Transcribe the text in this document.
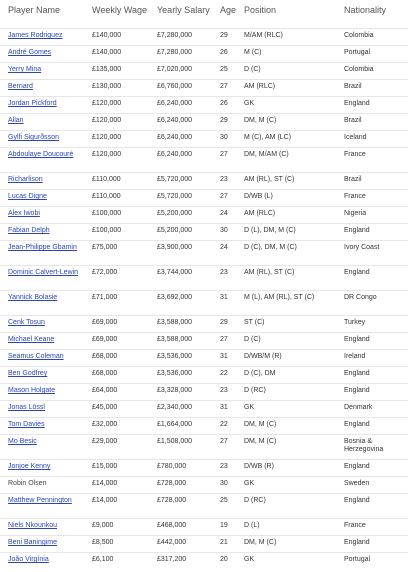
Player Name	Weekly Wage	Yearly Salary	Age Position	Nationality
James Rodriguez	£140,000	£7,280,000	29	M/AM (RLC)	Colombia
André Gomes	£140,000	£7,280,000	26	M (C)	Portugal
Yerry Mina	£135,000	£7,020,000	25	D (C)	Colombia
Bernard	£130,000	£6,760,000	27	AM (RLC)	Brazil
Jordan Pickford	£120,000	£6,240,000	26	GK	England
Allan	£120,000	£6,240,000	29	DM, M (C)	Brazil
Gylfi Sigurðsson	£120,000	£6,240,000	30	M (C), AM (LC)	Iceland
Abdoulaye Doucouré	£120,000	£6,240,000	27	DM, M/AM (C)	France
Richarlison	£110,000	£5,720,000	23	AM (RL), ST (C)	Brazil
Lucas Digne	£110,000	£5,720,000	27	D/WB (L)	France
Alex Iwobi	£100,000	£5,200,000	24	AM (RLC)	Nigeria
Fabian Delph	£100,000	£5,200,000	30	D (L), DM, M (C)	England
Jean-Philippe Gbamin	£75,000	£3,900,000	24	D (C), DM, M (C)	Ivory Coast
Dominic Calvert-Lewin	£72,000	£3,744,000	23	AM (RL), ST (C)	England
Yannick Bolasie	£71,000	£3,692,000	31	M (L), AM (RL), ST (C)	DR Congo
Cenk Tosun	£69,000	£3,588,000	29	ST (C)	Turkey
Michael Keane	£69,000	£3,588,000	27	D (C)	England
Seamus Coleman	£68,000	£3,536,000	31	D/WB/M (R)	Ireland
Ben Godfrey	£68,000	£3,536,000	22	D (C), DM	England
Mason Holgate	£64,000	£3,328,000	23	D (RC)	England
Jonas Lössl	£45,000	£2,340,000	31	GK	Denmark
Tom Davies	£32,000	£1,664,000	22	DM, M (C)	England
Mo Besic	£29,000	£1,508,000	27	DM, M (C)	Bosnia & Herzegovina
Jonjoe Kenny	£15,000	£780,000	23	D/WB (R)	England
Robin Olsen	£14,000	£728,000	30	GK	Sweden
Matthew Pennington	£14,000	£728,000	25	D (RC)	England
Niels Nkounkou	£9,000	£468,000	19	D (L)	France
Beni Baningime	£8,500	£442,000	21	DM, M (C)	England
João Virgínia	£6,100	£317,200	20	GK	Portugal
